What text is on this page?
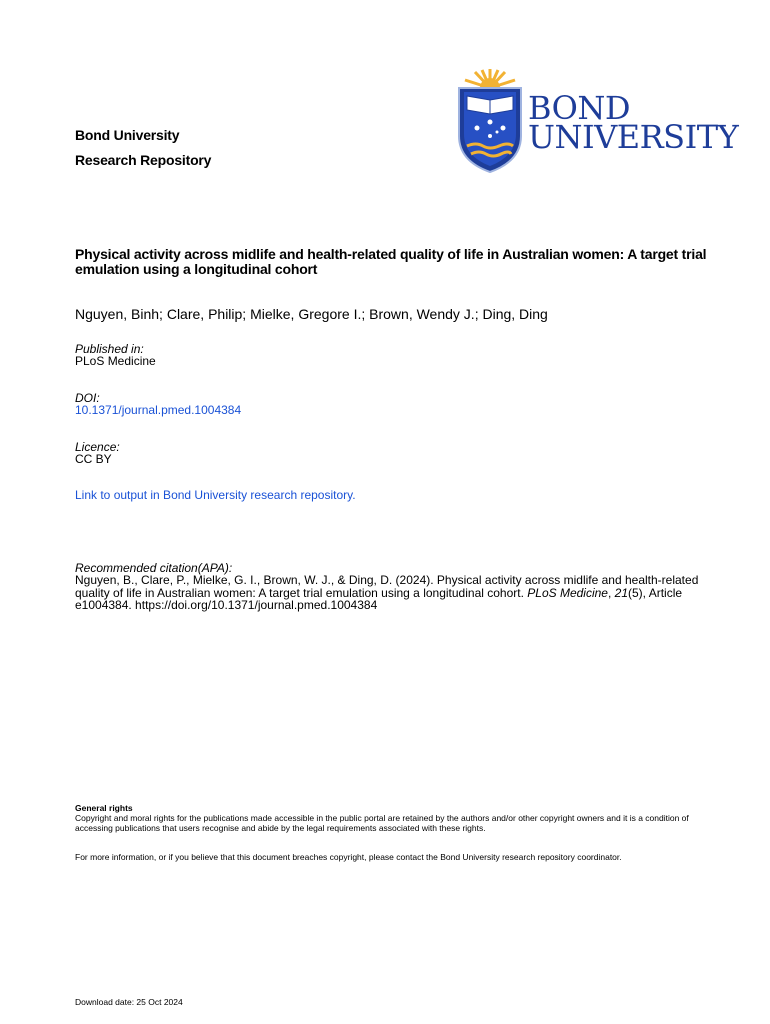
BOND
UNIVERSITY
Bond University
Research Repository
Physical activity across midlife and health-related quality of life in Australian women: A target trial emulation using a longitudinal cohort
Nguyen, Binh; Clare, Philip; Mielke, Gregore I.; Brown, Wendy J.; Ding, Ding
Published in:
PLoS Medicine
DOI:
10.1371/journal.pmed.1004384
Licence:
CC BY
Link to output in Bond University research repository.
Recommended citation(APA):
Nguyen, B., Clare, P., Mielke, G. I., Brown, W. J., & Ding, D. (2024). Physical activity across midlife and health-related quality of life in Australian women: A target trial emulation using a longitudinal cohort. PLoS Medicine, 21(5), Article e1004384. https://doi.org/10.1371/journal.pmed.1004384
General rights
Copyright and moral rights for the publications made accessible in the public portal are retained by the authors and/or other copyright owners and it is a condition of accessing publications that users recognise and abide by the legal requirements associated with these rights.
For more information, or if you believe that this document breaches copyright, please contact the Bond University research repository coordinator.
Download date: 25 Oct 2024
